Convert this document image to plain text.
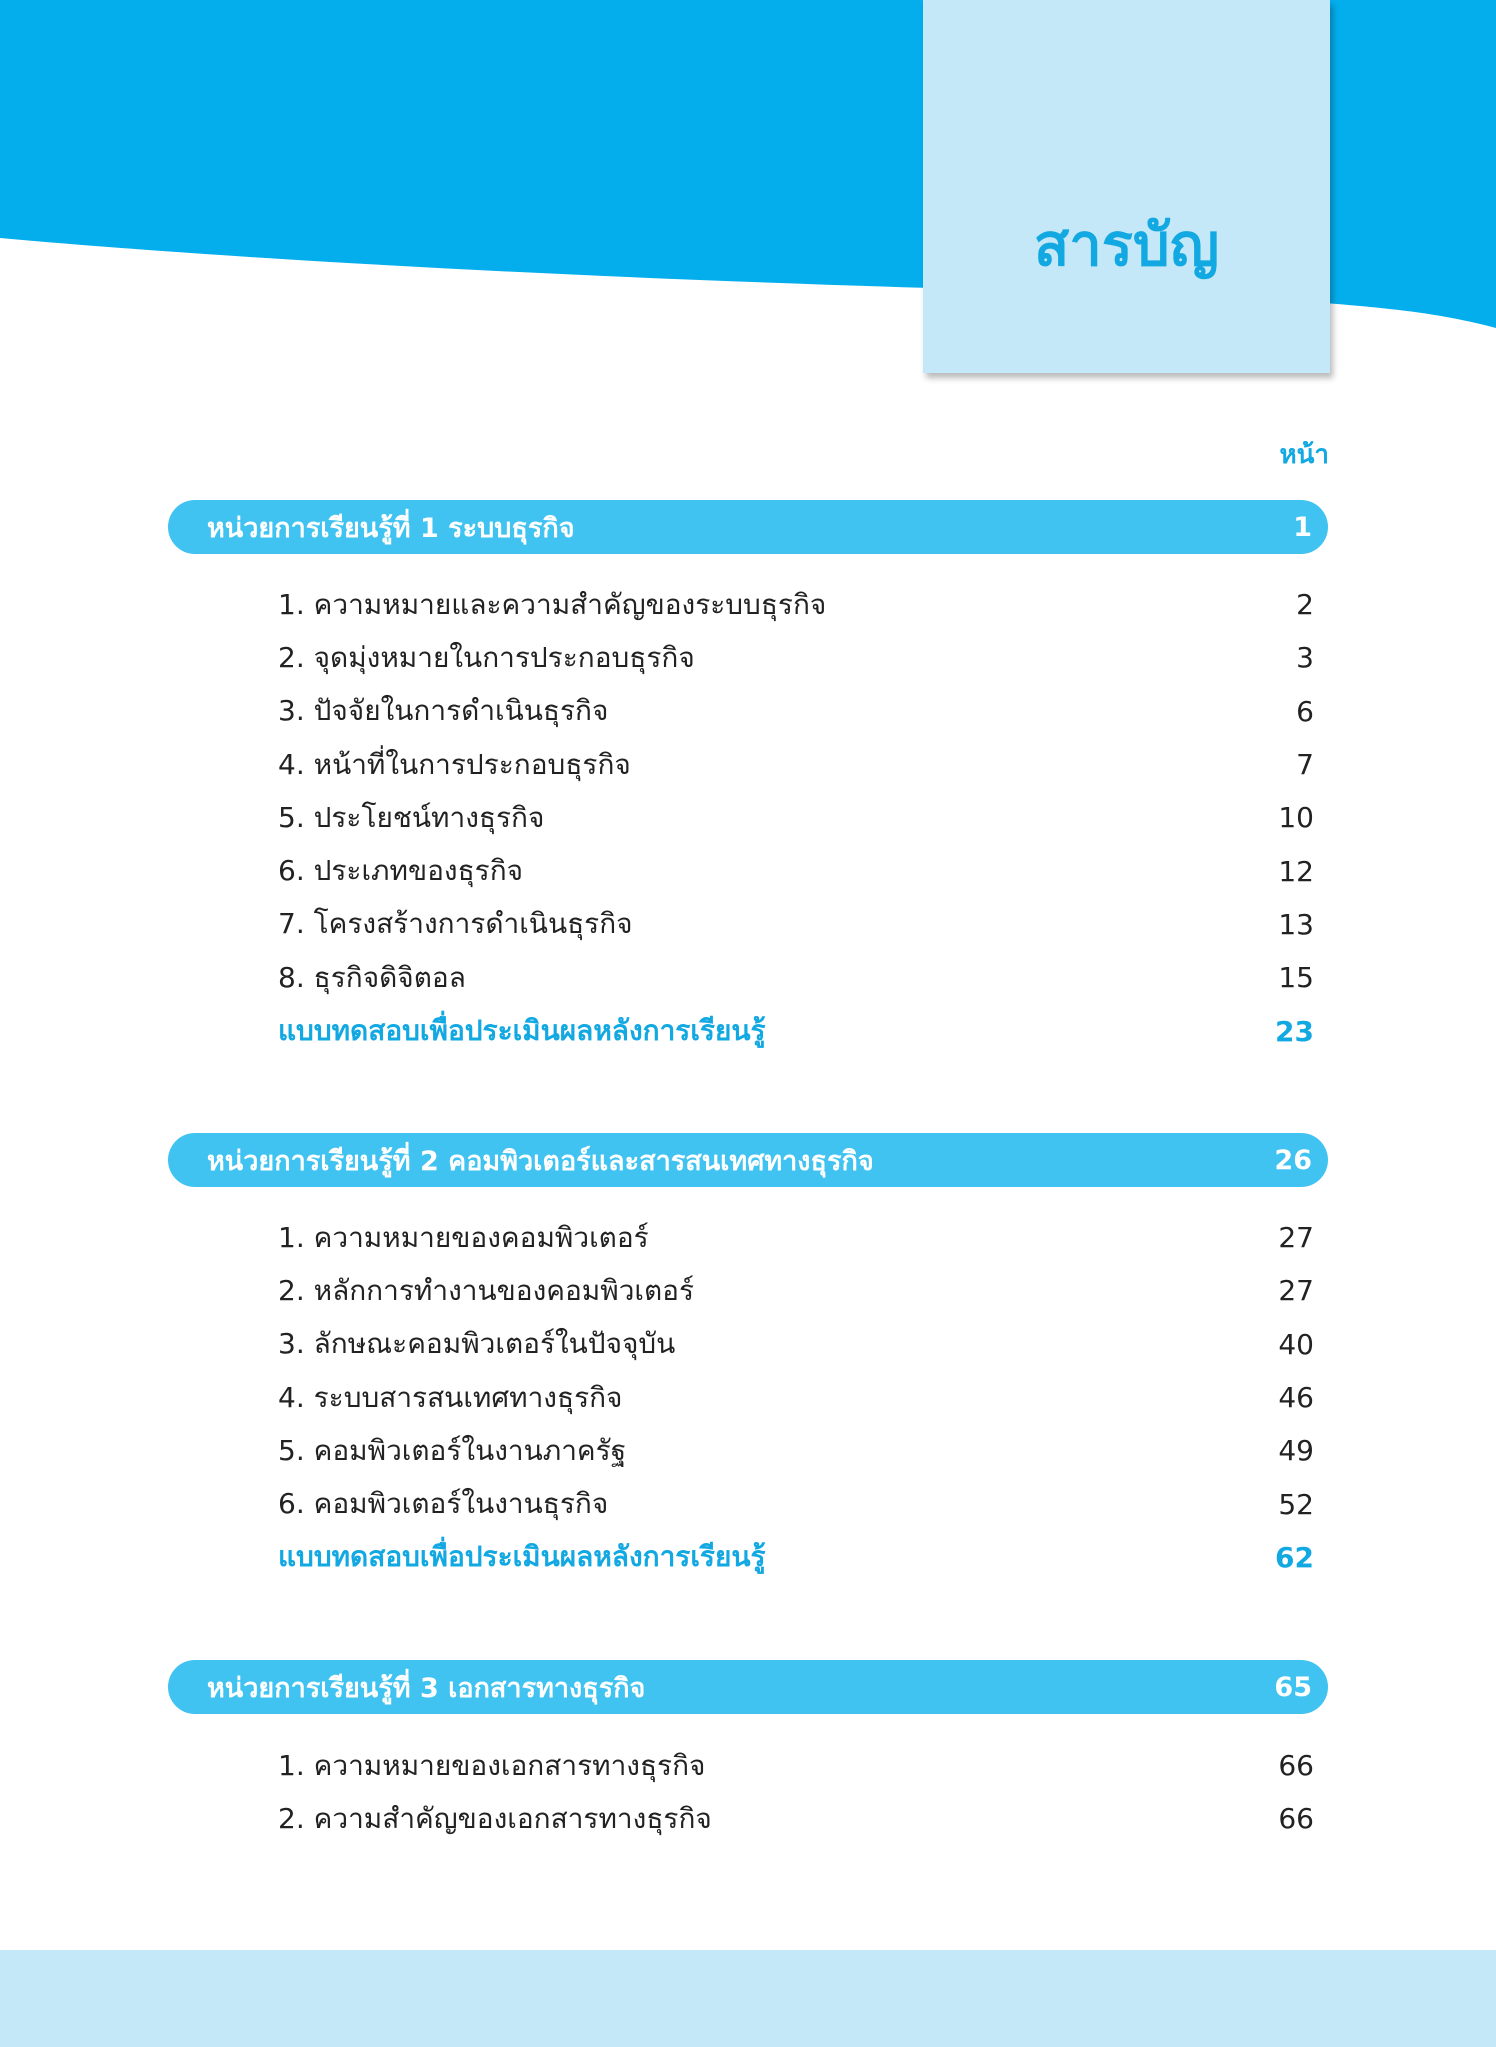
สารบัญ
หน้า
หน่วยการเรียนรู้ที่ 1 ระบบธุรกิจ	1
1. ความหมายและความสำคัญของระบบธุรกิจ	2
2. จุดมุ่งหมายในการประกอบธุรกิจ	3
3. ปัจจัยในการดำเนินธุรกิจ	6
4. หน้าที่ในการประกอบธุรกิจ	7
5. ประโยชน์ทางธุรกิจ	10
6. ประเภทของธุรกิจ	12
7. โครงสร้างการดำเนินธุรกิจ	13
8. ธุรกิจดิจิตอล	15
แบบทดสอบเพื่อประเมินผลหลังการเรียนรู้	23
หน่วยการเรียนรู้ที่ 2 คอมพิวเตอร์และสารสนเทศทางธุรกิจ	26
1. ความหมายของคอมพิวเตอร์	27
2. หลักการทำงานของคอมพิวเตอร์	27
3. ลักษณะคอมพิวเตอร์ในปัจจุบัน	40
4. ระบบสารสนเทศทางธุรกิจ	46
5. คอมพิวเตอร์ในงานภาครัฐ	49
6. คอมพิวเตอร์ในงานธุรกิจ	52
แบบทดสอบเพื่อประเมินผลหลังการเรียนรู้	62
หน่วยการเรียนรู้ที่ 3 เอกสารทางธุรกิจ	65
1. ความหมายของเอกสารทางธุรกิจ	66
2. ความสำคัญของเอกสารทางธุรกิจ	66
